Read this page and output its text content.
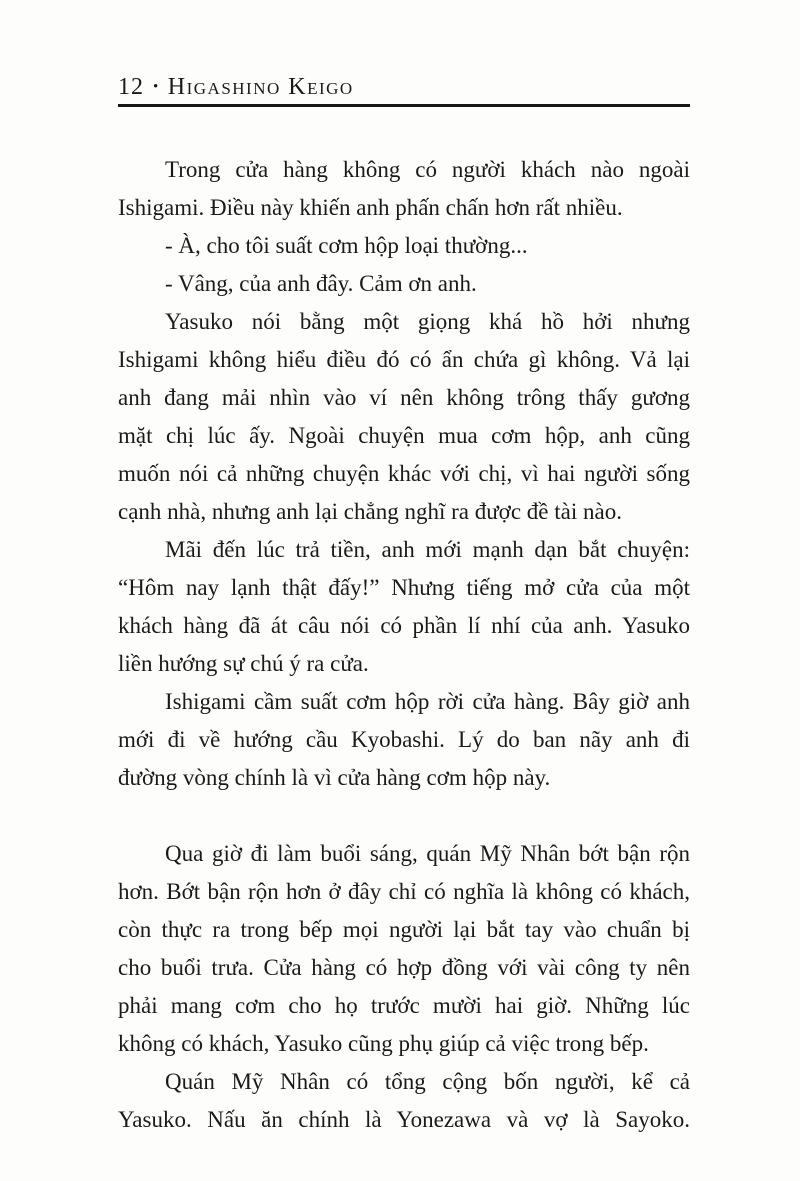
12 • Higashino Keigo
Trong cửa hàng không có người khách nào ngoài
Ishigami. Điều này khiến anh phấn chấn hơn rất nhiều.
- À, cho tôi suất cơm hộp loại thường...
- Vâng, của anh đây. Cảm ơn anh.
Yasuko nói bằng một giọng khá hồ hởi nhưng
Ishigami không hiểu điều đó có ẩn chứa gì không. Vả lại
anh đang mải nhìn vào ví nên không trông thấy gương
mặt chị lúc ấy. Ngoài chuyện mua cơm hộp, anh cũng
muốn nói cả những chuyện khác với chị, vì hai người sống
cạnh nhà, nhưng anh lại chẳng nghĩ ra được đề tài nào.
Mãi đến lúc trả tiền, anh mới mạnh dạn bắt chuyện:
“Hôm nay lạnh thật đấy!” Nhưng tiếng mở cửa của một
khách hàng đã át câu nói có phần lí nhí của anh. Yasuko
liền hướng sự chú ý ra cửa.
Ishigami cầm suất cơm hộp rời cửa hàng. Bây giờ anh
mới đi về hướng cầu Kyobashi. Lý do ban nãy anh đi
đường vòng chính là vì cửa hàng cơm hộp này.
Qua giờ đi làm buổi sáng, quán Mỹ Nhân bớt bận rộn
hơn. Bớt bận rộn hơn ở đây chỉ có nghĩa là không có khách,
còn thực ra trong bếp mọi người lại bắt tay vào chuẩn bị
cho buổi trưa. Cửa hàng có hợp đồng với vài công ty nên
phải mang cơm cho họ trước mười hai giờ. Những lúc
không có khách, Yasuko cũng phụ giúp cả việc trong bếp.
Quán Mỹ Nhân có tổng cộng bốn người, kể cả
Yasuko. Nấu ăn chính là Yonezawa và vợ là Sayoko.
